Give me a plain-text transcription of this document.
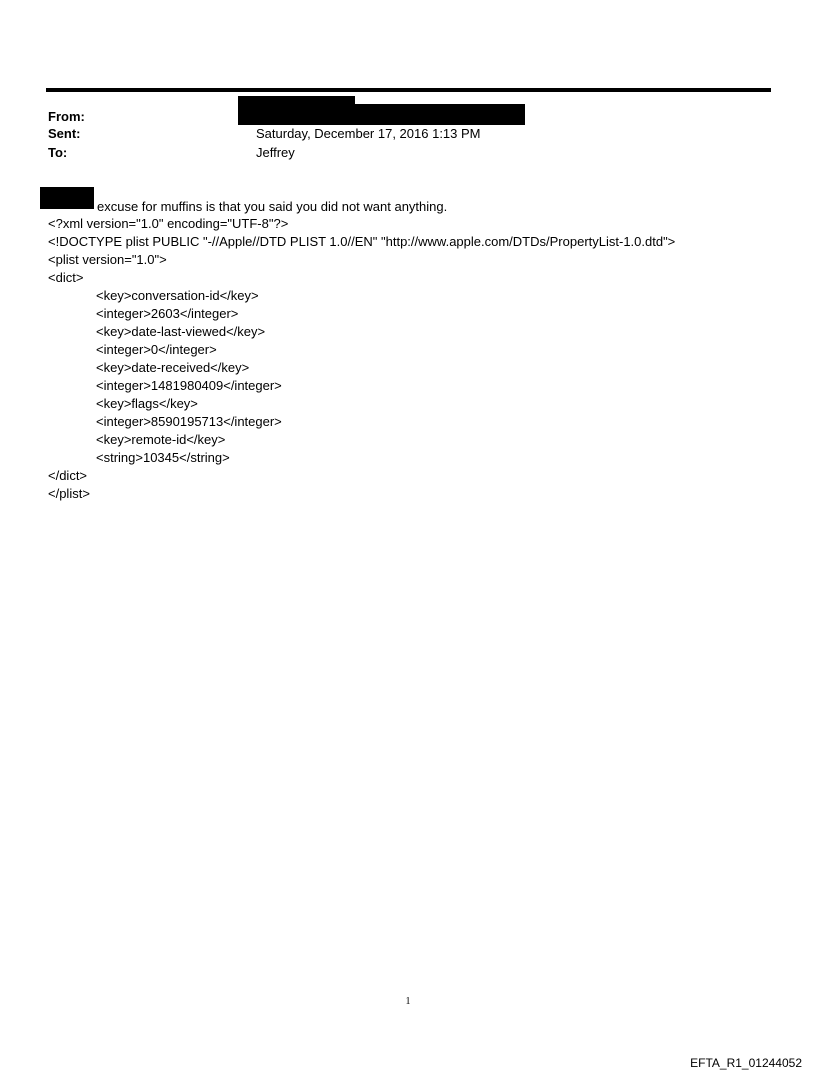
From:
Sent:	Saturday, December 17, 2016 1:13 PM
To:	Jeffrey
excuse for muffins is that you said you did not want anything.
<?xml version="1.0" encoding="UTF-8"?>
<!DOCTYPE plist PUBLIC "-//Apple//DTD PLIST 1.0//EN" "http://www.apple.com/DTDs/PropertyList-1.0.dtd">
<plist version="1.0">
<dict>
<key>conversation-id</key>
<integer>2603</integer>
<key>date-last-viewed</key>
<integer>0</integer>
<key>date-received</key>
<integer>1481980409</integer>
<key>flags</key>
<integer>8590195713</integer>
<key>remote-id</key>
<string>10345</string>
</dict>
</plist>
1
EFTA_R1_01244052
